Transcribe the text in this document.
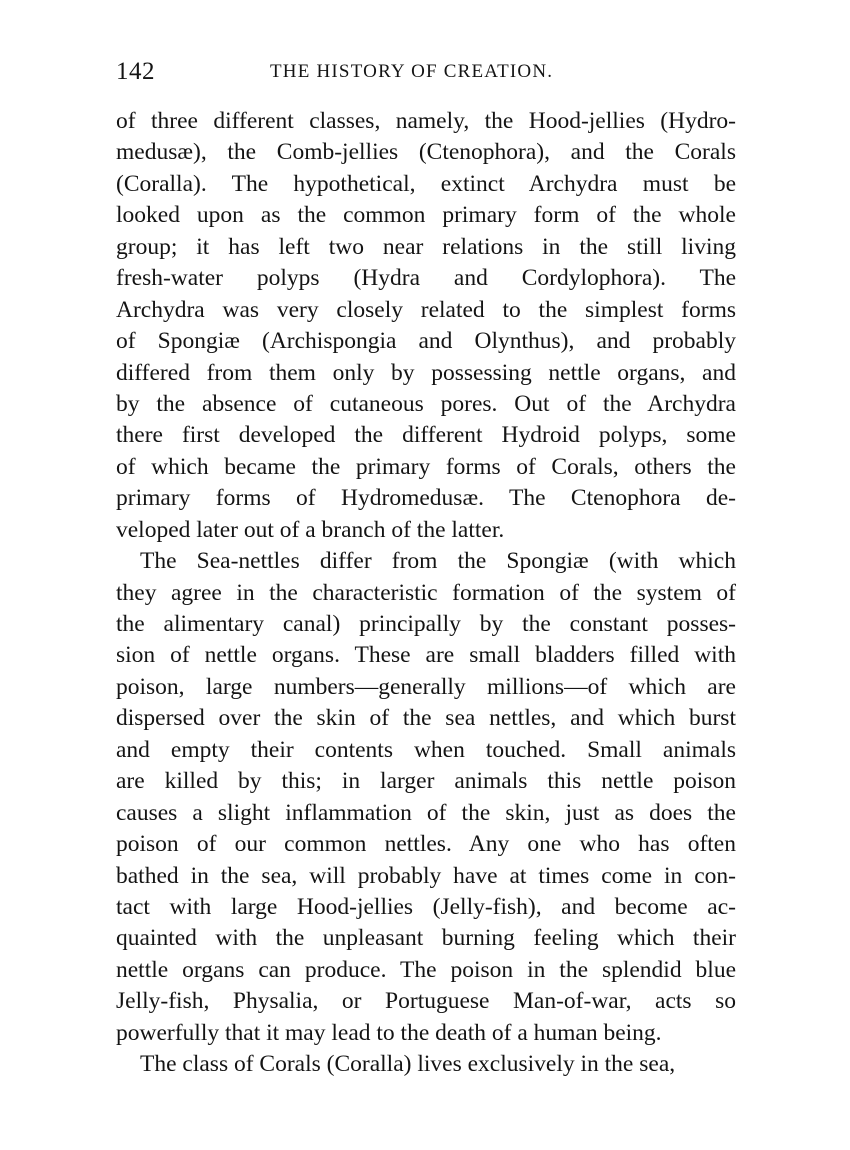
142	THE HISTORY OF CREATION.
of three different classes, namely, the Hood-jellies (Hydro-
medusæ), the Comb-jellies (Ctenophora), and the Corals
(Coralla). The hypothetical, extinct Archydra must be
looked upon as the common primary form of the whole
group; it has left two near relations in the still living
fresh-water polyps (Hydra and Cordylophora). The
Archydra was very closely related to the simplest forms
of Spongiæ (Archispongia and Olynthus), and probably
differed from them only by possessing nettle organs, and
by the absence of cutaneous pores. Out of the Archydra
there first developed the different Hydroid polyps, some
of which became the primary forms of Corals, others the
primary forms of Hydromedusæ. The Ctenophora de-
veloped later out of a branch of the latter.
The Sea-nettles differ from the Spongiæ (with which
they agree in the characteristic formation of the system of
the alimentary canal) principally by the constant posses-
sion of nettle organs. These are small bladders filled with
poison, large numbers—generally millions—of which are
dispersed over the skin of the sea nettles, and which burst
and empty their contents when touched. Small animals
are killed by this; in larger animals this nettle poison
causes a slight inflammation of the skin, just as does the
poison of our common nettles. Any one who has often
bathed in the sea, will probably have at times come in con-
tact with large Hood-jellies (Jelly-fish), and become ac-
quainted with the unpleasant burning feeling which their
nettle organs can produce. The poison in the splendid blue
Jelly-fish, Physalia, or Portuguese Man-of-war, acts so
powerfully that it may lead to the death of a human being.
The class of Corals (Coralla) lives exclusively in the sea,
